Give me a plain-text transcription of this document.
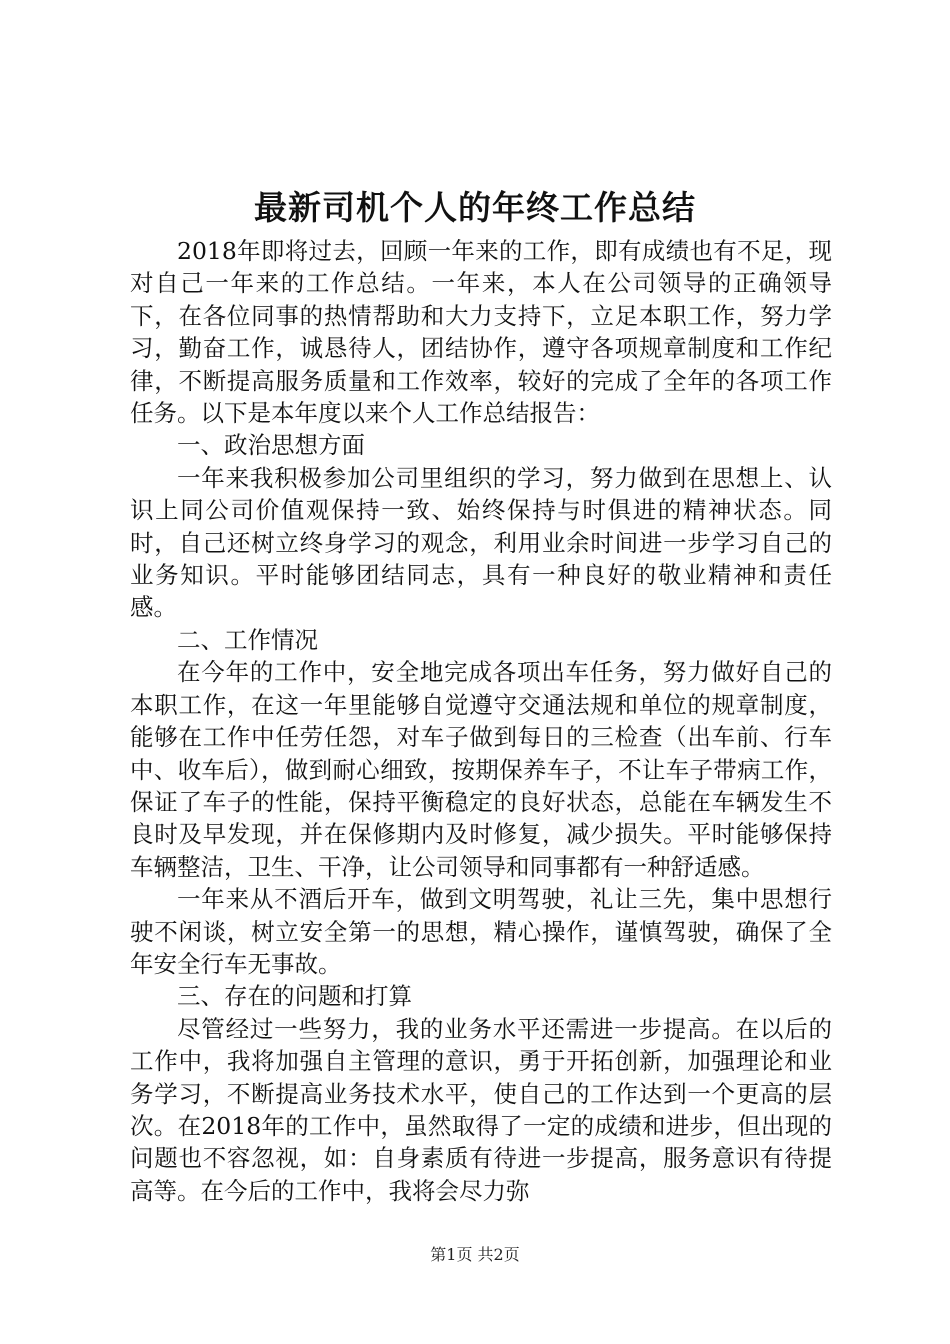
最新司机个人的年终工作总结

2018年即将过去，回顾一年来的工作，即有成绩也有不足，现对自己一年来的工作总结。一年来，本人在公司领导的正确领导下，在各位同事的热情帮助和大力支持下，立足本职工作，努力学习，勤奋工作，诚恳待人，团结协作，遵守各项规章制度和工作纪律，不断提高服务质量和工作效率，较好的完成了全年的各项工作任务。以下是本年度以来个人工作总结报告：

一、政治思想方面

一年来我积极参加公司里组织的学习，努力做到在思想上、认识上同公司价值观保持一致、始终保持与时俱进的精神状态。同时，自己还树立终身学习的观念，利用业余时间进一步学习自己的业务知识。平时能够团结同志，具有一种良好的敬业精神和责任感。

二、工作情况

在今年的工作中，安全地完成各项出车任务，努力做好自己的本职工作，在这一年里能够自觉遵守交通法规和单位的规章制度，能够在工作中任劳任怨，对车子做到每日的三检查（出车前、行车中、收车后），做到耐心细致，按期保养车子，不让车子带病工作，保证了车子的性能，保持平衡稳定的良好状态，总能在车辆发生不良时及早发现，并在保修期内及时修复，减少损失。平时能够保持车辆整洁，卫生、干净，让公司领导和同事都有一种舒适感。

一年来从不酒后开车，做到文明驾驶，礼让三先，集中思想行驶不闲谈，树立安全第一的思想，精心操作，谨慎驾驶，确保了全年安全行车无事故。

三、存在的问题和打算

尽管经过一些努力，我的业务水平还需进一步提高。在以后的工作中，我将加强自主管理的意识，勇于开拓创新，加强理论和业务学习，不断提高业务技术水平，使自己的工作达到一个更高的层次。在2018年的工作中，虽然取得了一定的成绩和进步，但出现的问题也不容忽视，如：自身素质有待进一步提高，服务意识有待提高等。在今后的工作中，我将会尽力弥

第1页 共2页
